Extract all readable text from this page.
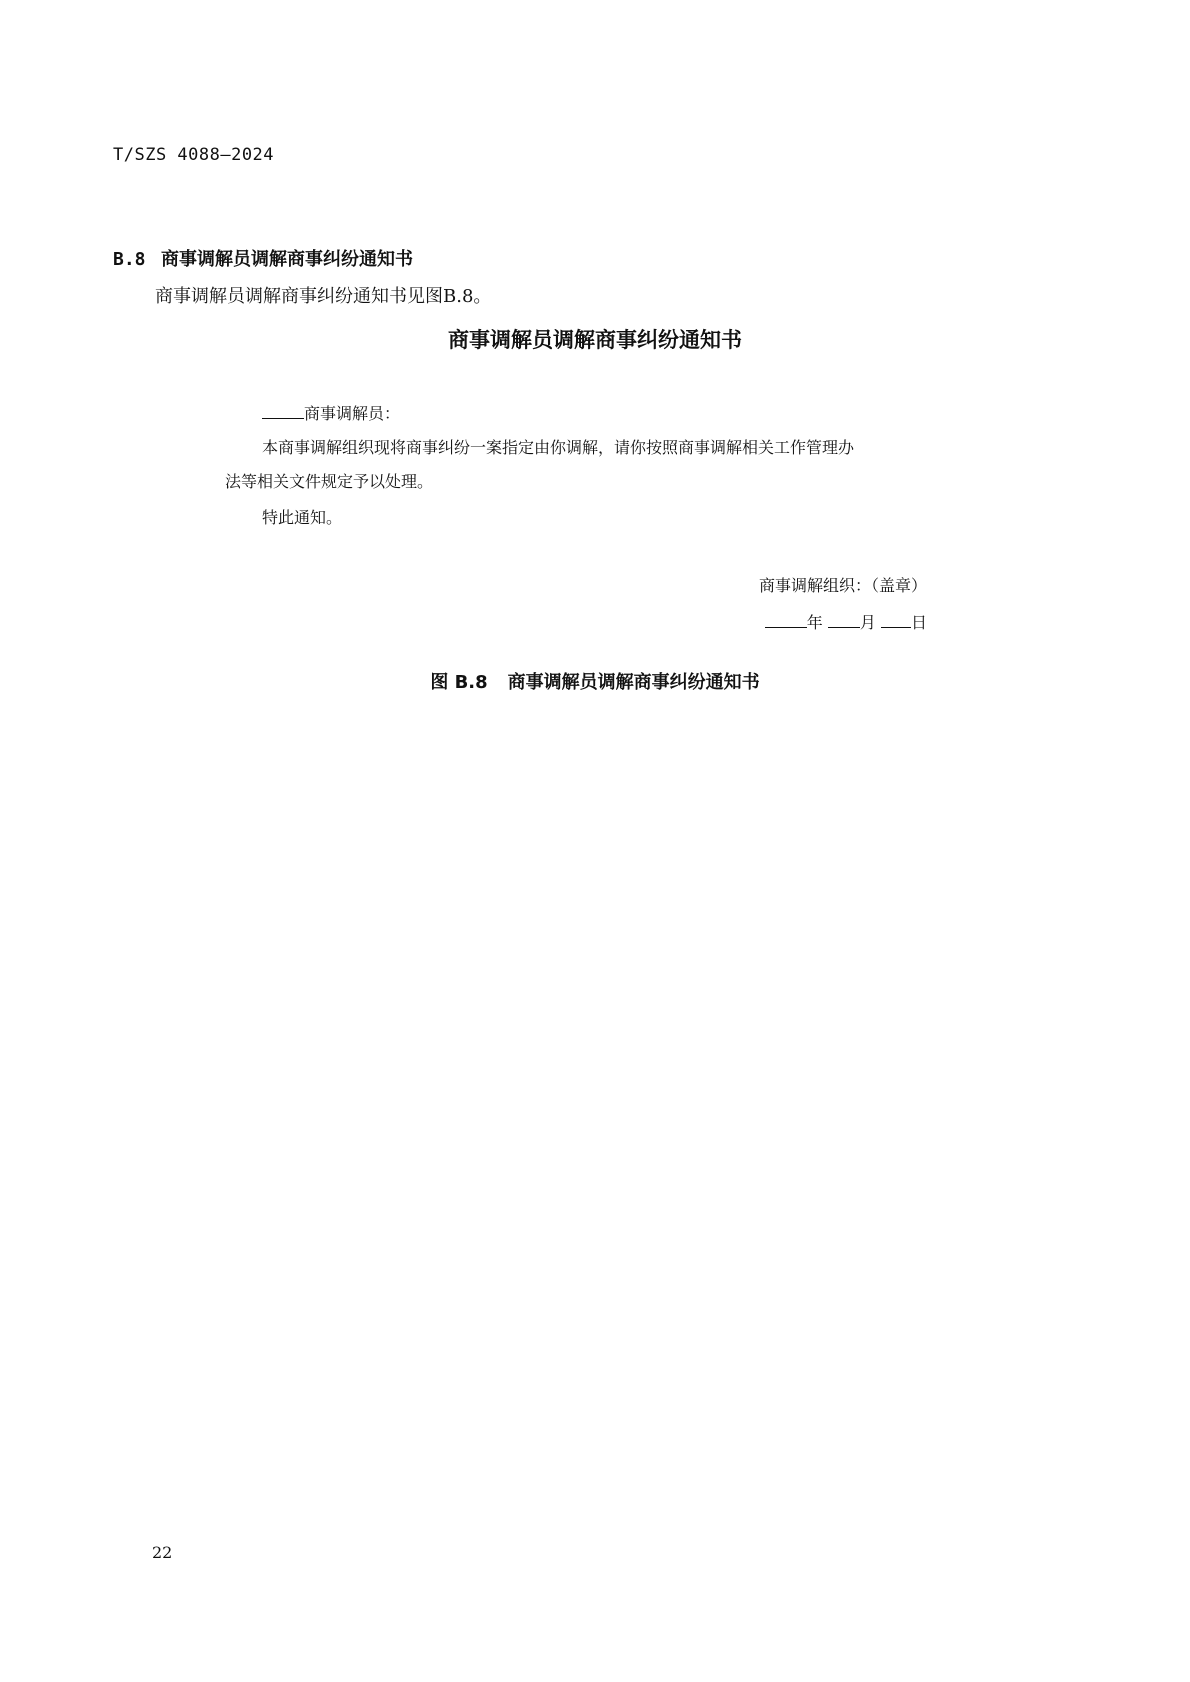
T/SZS 4088—2024
B.8 商事调解员调解商事纠纷通知书
商事调解员调解商事纠纷通知书见图B.8。
商事调解员调解商事纠纷通知书
商事调解员：
本商事调解组织现将商事纠纷一案指定由你调解，请你按照商事调解相关工作管理办
法等相关文件规定予以处理。
特此通知。
商事调解组织：（盖章）
年 月 日
图 B.8 商事调解员调解商事纠纷通知书
22
